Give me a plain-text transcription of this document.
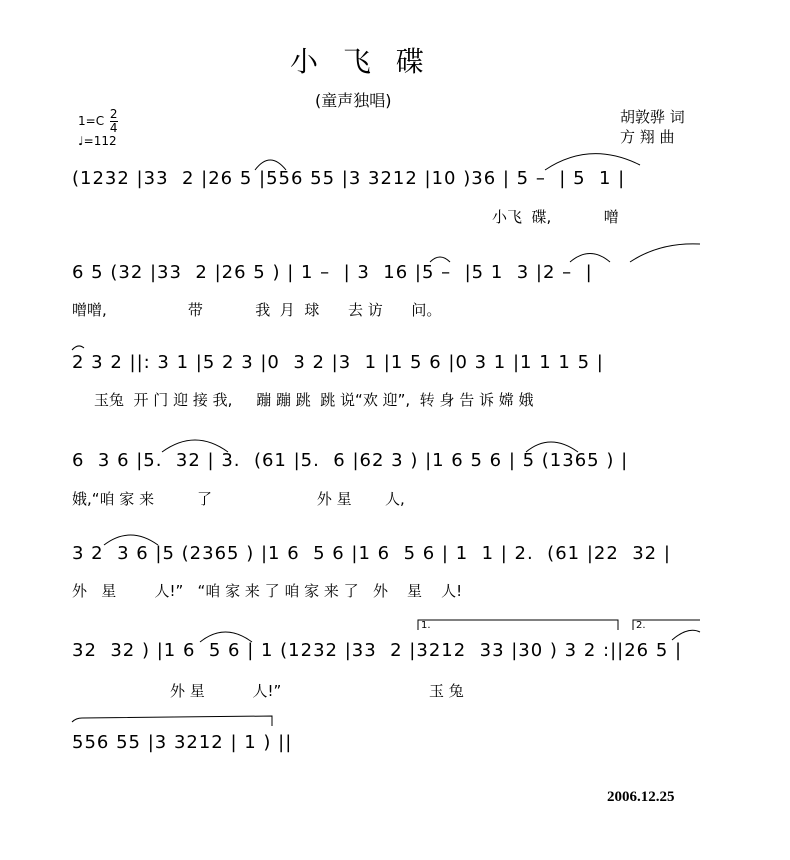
小 飞 碟
(童声独唱)
$1=C \frac{2}{4}$
♩=112
胡敦骅 词
方 翔 曲
(1232 |33  2 |26 5 |556 55 |3 3212 |10 )36 | 5 –  | 5  1 |
小飞  碟,           噌
6 5 (32 |33  2 |26 5 ) | 1 –  | 3  16 |5 –  |5 1  3 |2 –  |
噌噌,                 带           我  月  球      去 访      问。
2 3 2 ||: 3 1 |5 2 3 |0  3 2 |3  1 |1 5 6 |0 3 1 |1 1 1 5 |
玉兔  开 门 迎 接 我,     蹦 蹦 跳  跳 说“欢 迎”,  转 身 告 诉 嫦 娥
6  3 6 |5.  32 | 3.  (61 |5.  6 |62 3 ) |1 6 5 6 | 5 (1365 ) |
娥,“咱 家 来         了                      外 星       人,
3 2  3 6 |5 (2365 ) |1 6  5 6 |1 6  5 6 | 1  1 | 2.  (61 |22  32 |
外   星        人!”   “咱 家 来 了 咱 家 来 了   外    星    人!
32  32 ) |1 6  5 6 | 1 (1232 |33  2 |3212  33 |30 ) 3 2 :||26 5 |
外 星          人!”                               玉 兔
556 55 |3 3212 | 1 ) ||
1.	2.
2006.12.25
